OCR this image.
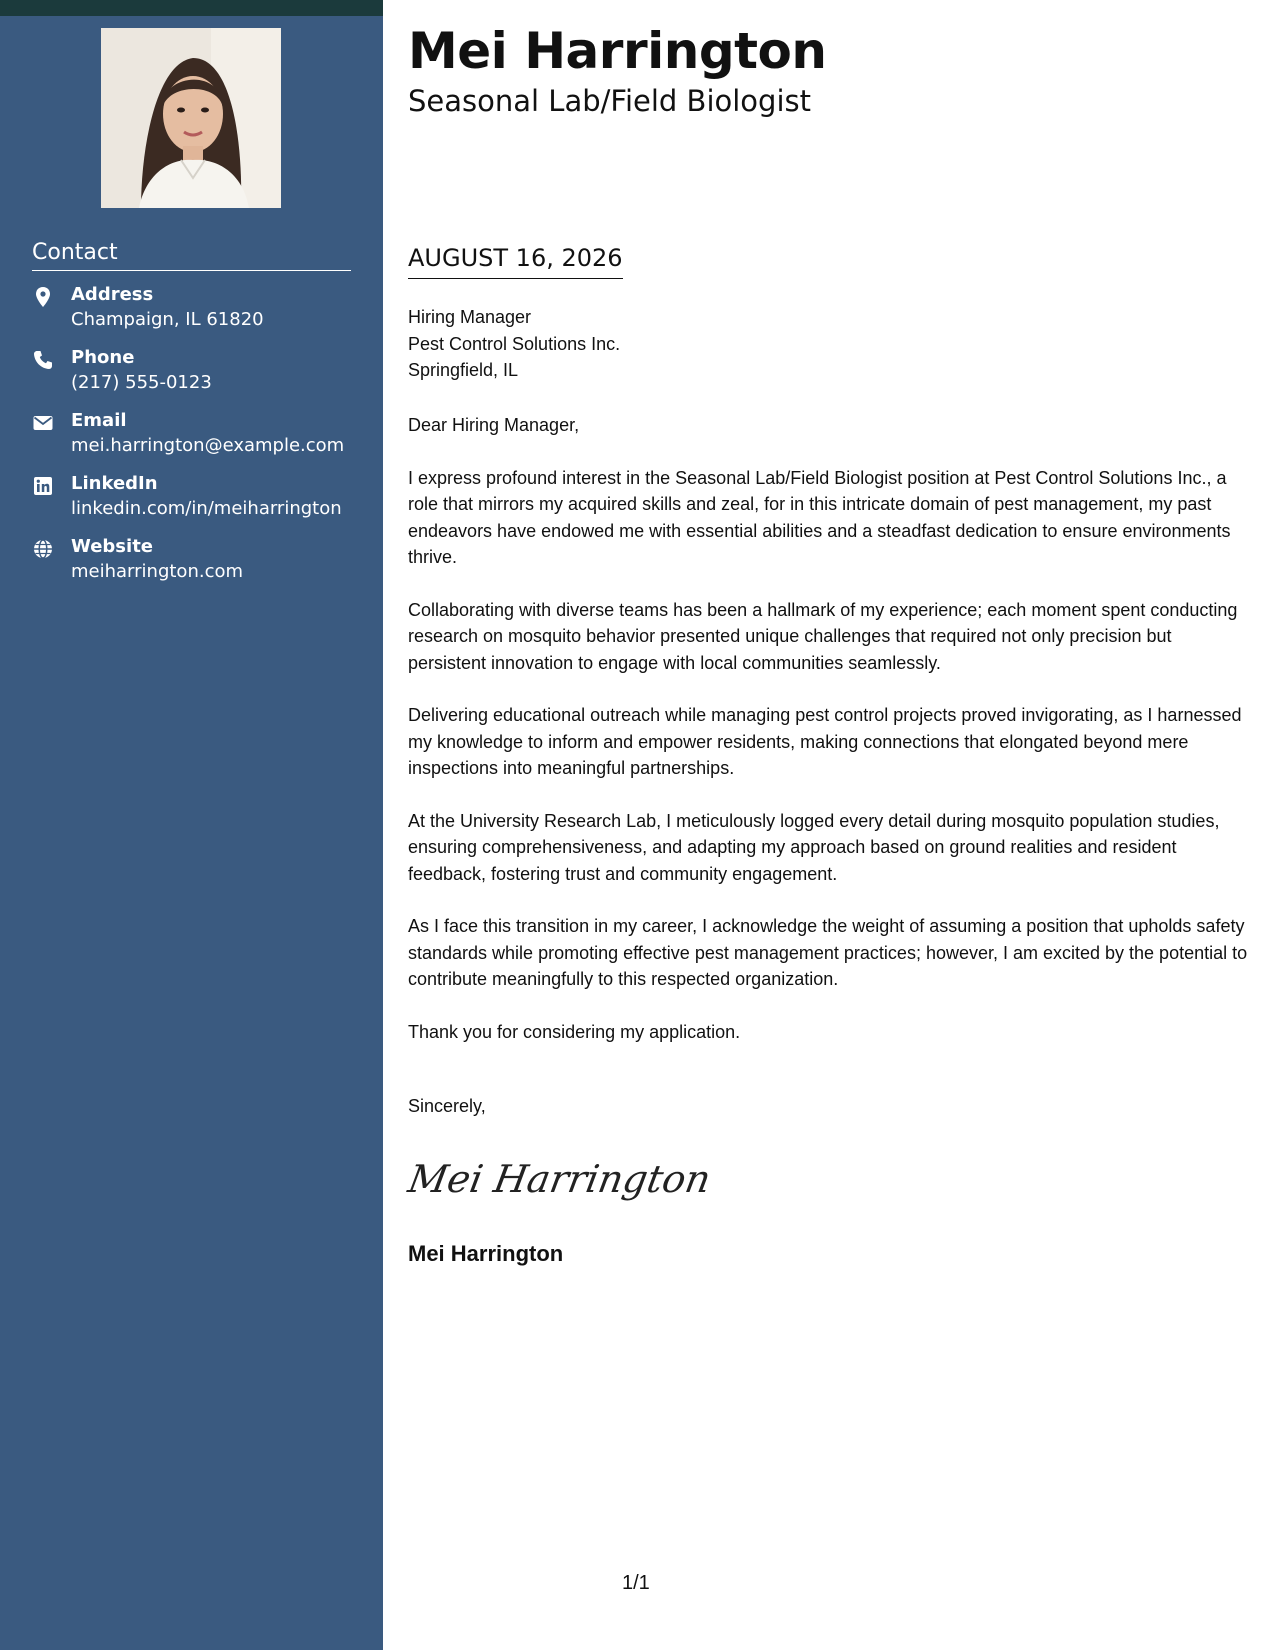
Contact
Address
Champaign, IL 61820
Phone
(217) 555-0123
Email
mei.harrington@example.com
LinkedIn
linkedin.com/in/meiharrington
Website
meiharrington.com
Mei Harrington
Seasonal Lab/Field Biologist
AUGUST 16, 2026
Hiring Manager
Pest Control Solutions Inc.
Springfield, IL

Dear Hiring Manager,

I express profound interest in the Seasonal Lab/Field Biologist position at Pest Control Solutions Inc., a role that mirrors my acquired skills and zeal, for in this intricate domain of pest management, my past endeavors have endowed me with essential abilities and a steadfast dedication to ensure environments thrive.

Collaborating with diverse teams has been a hallmark of my experience; each moment spent conducting research on mosquito behavior presented unique challenges that required not only precision but persistent innovation to engage with local communities seamlessly.

Delivering educational outreach while managing pest control projects proved invigorating, as I harnessed my knowledge to inform and empower residents, making connections that elongated beyond mere inspections into meaningful partnerships.

At the University Research Lab, I meticulously logged every detail during mosquito population studies, ensuring comprehensiveness, and adapting my approach based on ground realities and resident feedback, fostering trust and community engagement.

As I face this transition in my career, I acknowledge the weight of assuming a position that upholds safety standards while promoting effective pest management practices; however, I am excited by the potential to contribute meaningfully to this respected organization.

Thank you for considering my application.

Sincerely,
Mei Harrington
Mei Harrington
1/1
